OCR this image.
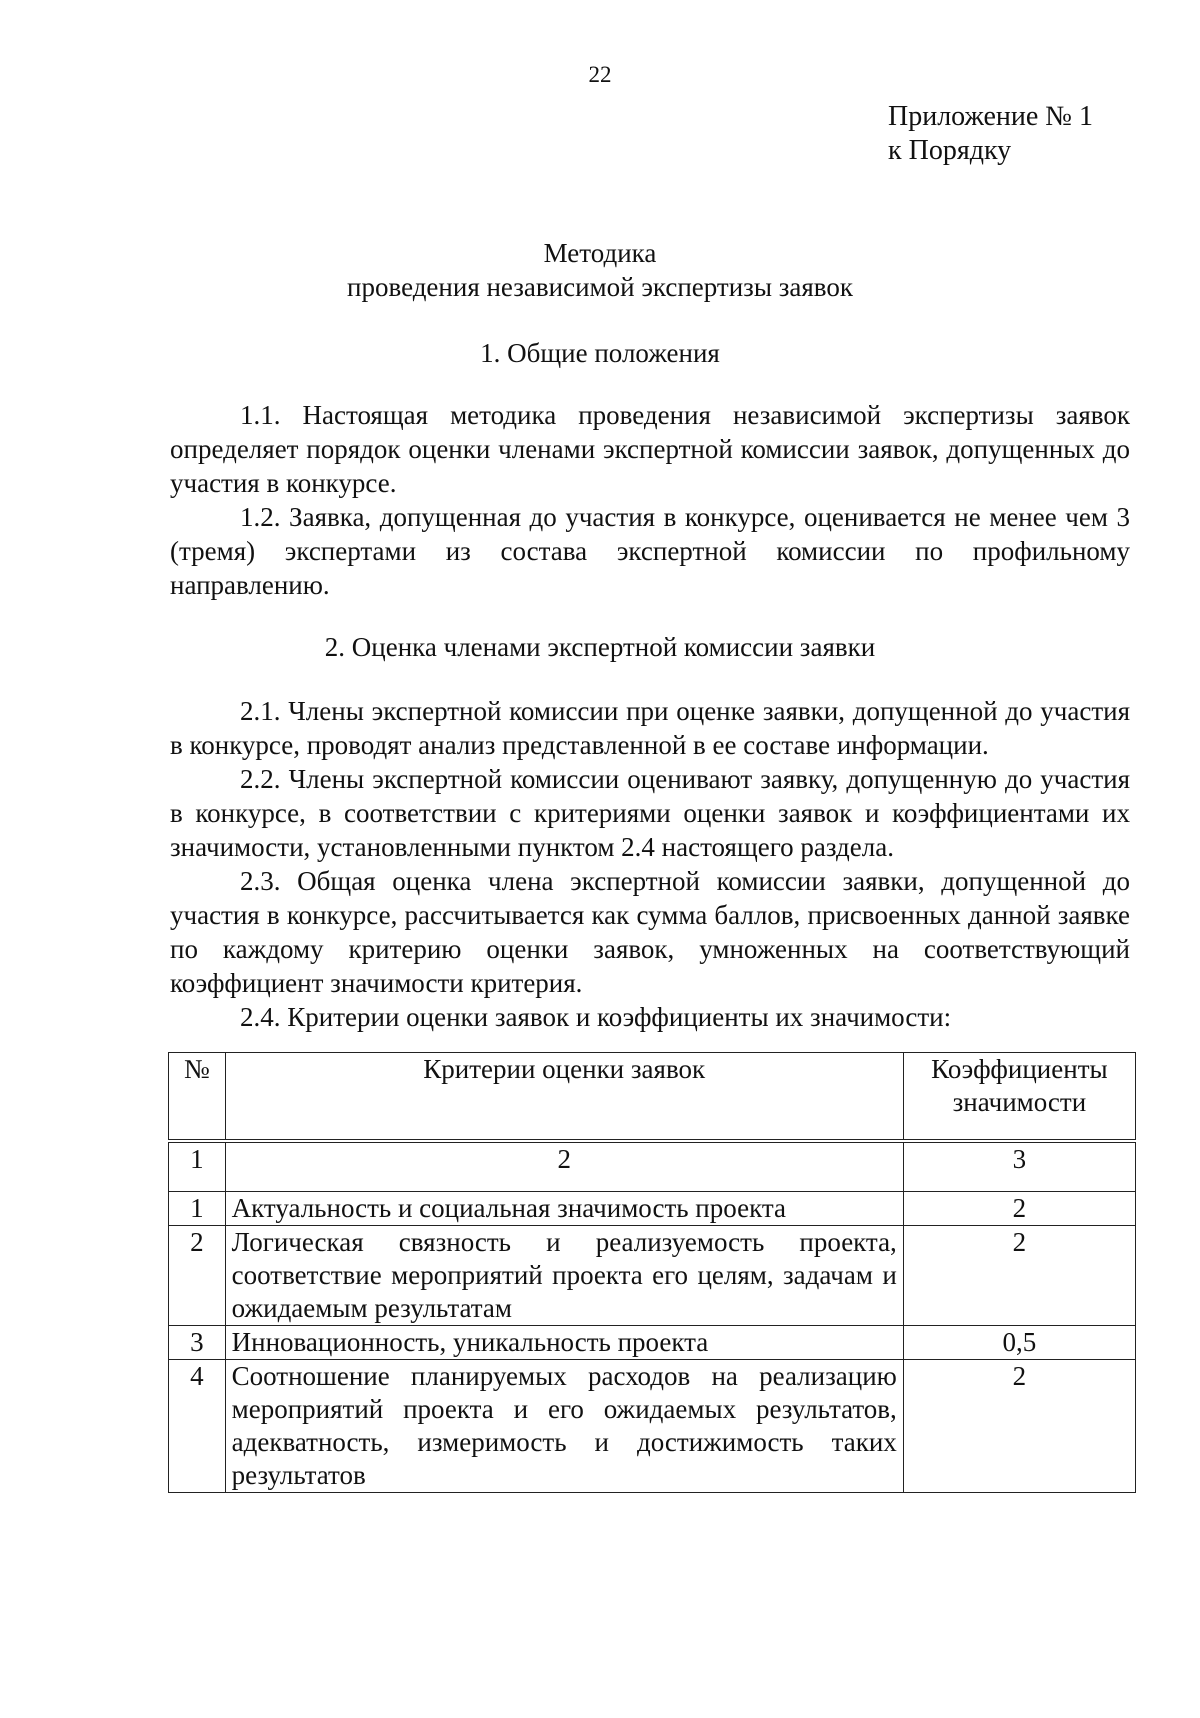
22
Приложение № 1
к Порядку
Методика
проведения независимой экспертизы заявок
1. Общие положения

1.1. Настоящая методика проведения независимой экспертизы заявок определяет порядок оценки членами экспертной комиссии заявок, допущенных до участия в конкурсе.

1.2. Заявка, допущенная до участия в конкурсе, оценивается не менее чем 3 (тремя) экспертами из состава экспертной комиссии по профильному направлению.

2. Оценка членами экспертной комиссии заявки

2.1. Члены экспертной комиссии при оценке заявки, допущенной до участия в конкурсе, проводят анализ представленной в ее составе информации.

2.2. Члены экспертной комиссии оценивают заявку, допущенную до участия в конкурсе, в соответствии с критериями оценки заявок и коэффициентами их значимости, установленными пунктом 2.4 настоящего раздела.

2.3. Общая оценка члена экспертной комиссии заявки, допущенной до участия в конкурсе, рассчитывается как сумма баллов, присвоенных данной заявке по каждому критерию оценки заявок, умноженных на соответствующий коэффициент значимости критерия.

2.4. Критерии оценки заявок и коэффициенты их значимости:

№	Критерии оценки заявок	Коэффициенты значимости
1	2	3
1	Актуальность и социальная значимость проекта	2
2	Логическая связность и реализуемость проекта, соответствие мероприятий проекта его целям, задачам и ожидаемым результатам	2
3	Инновационность, уникальность проекта	0,5
4	Соотношение планируемых расходов на реализацию мероприятий проекта и его ожидаемых результатов, адекватность, измеримость и достижимость таких результатов	2
